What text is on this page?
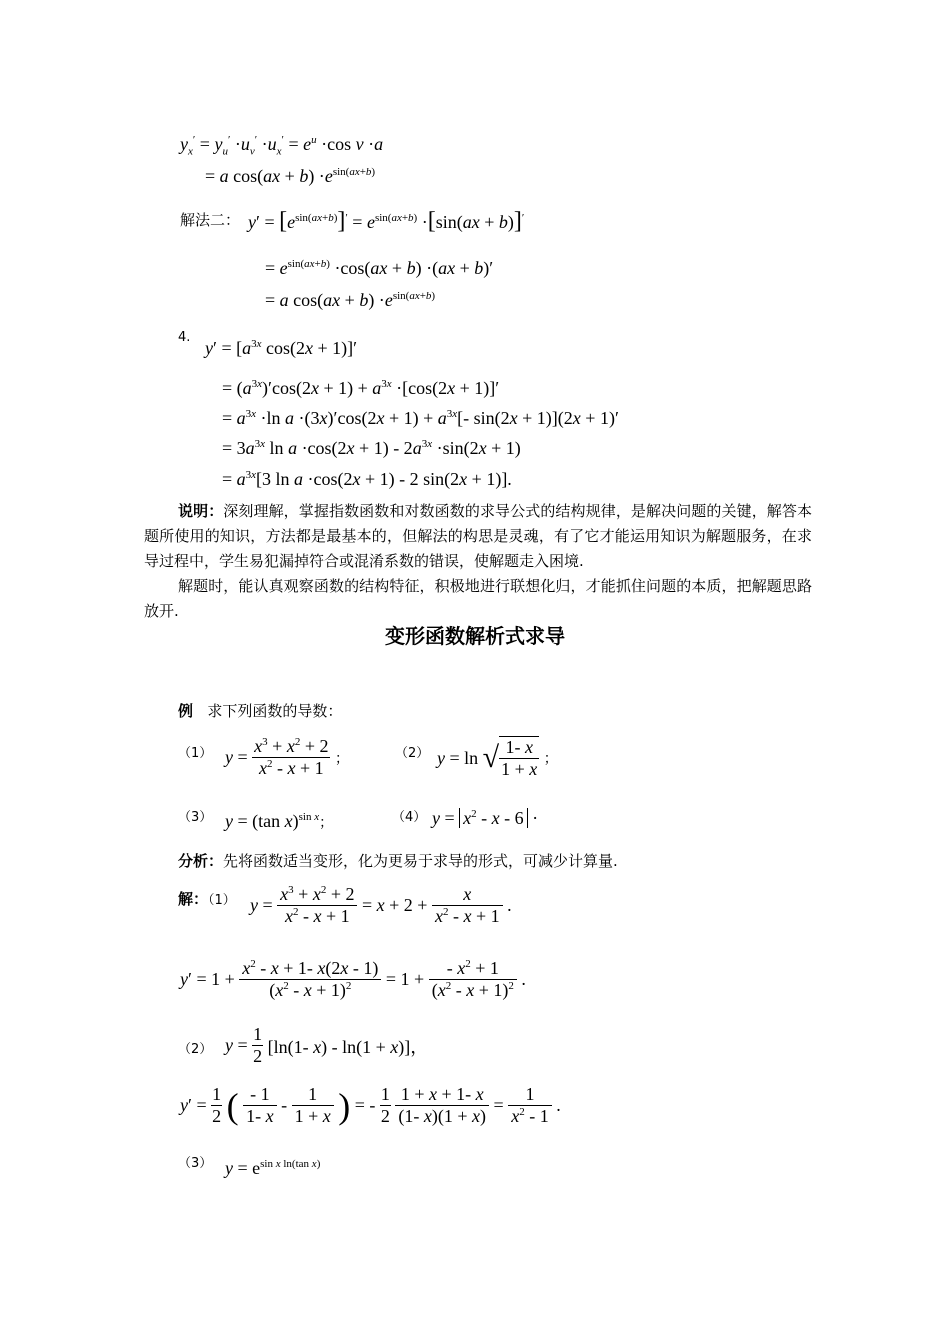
$y_x' = y_u' \cdot u_v' \cdot u_x' = e^u \cdot\cos$ v ·a
= a $\cos(ax + b) \cdot e^{sin(ax+b)}$
解法二： $y' = [e^{sin(ax+b)}]' = e^{sin(ax+b)} \cdot[\sin(ax + b)]'$
= $e^{sin(ax+b)} \cdot\cos(ax + b) \cdot(ax + b)'$
= a $\cos(ax + b) \cdot e^{sin(ax+b)}$
4.
$y' = [a^{3x}$ cos(2x + 1)]′
= $(a^{3x})'\cos(2x + 1) + a^{3x} \cdot[\cos(2x + 1)]'$
= $a^{3x} \cdot\ln$ $a \cdot(3x)'\cos(2x + 1) + a^{3x}[-$ sin(2x + 1)](2x + 1)′
= $3a^{3x}$ $\ln a \cdot\cos(2x + 1) - 2a^{3x} \cdot\sin(2x + 1)$
= $a^{3x}[3$ ln a ·cos(2x + 1) - 2 sin(2x + 1)].
说明：深刻理解，掌握指数函数和对数函数的求导公式的结构规律，是解决问题的关键，解答本题所使用的知识，方法都是最基本的，但解法的构思是灵魂，有了它才能运用知识为解题服务，在求导过程中，学生易犯漏掉符合或混淆系数的错误，使解题走入困境.
解题时，能认真观察函数的结构特征，积极地进行联想化归，才能抓住问题的本质，把解题思路放开.
变形函数解析式求导
例 求下列函数的导数：
（1） $y = \frac{x^3 + x^2 + 2}{x^2 - x + 1}$ ；	（2） y = ln √ $\frac{1- x}{1 + x}$ ；
（3） y = (tan x)$^{sin x}$；	（4） $y = x^2 - x - 6$ ·
分析：先将函数适当变形，化为更易于求导的形式，可减少计算量.
解：（1） $y = \frac{x^3 + x^2 + 2}{x^2 - x + 1} = x + 2 + \frac{x}{x^2 - x + 1}$ .
$y' = 1 + \frac{x^2 - x + 1- x(2x - 1)}{(x^2 - x + 1)^2} = 1 + \frac{- x^2 + 1}{(x^2 - x + 1)^2}$ .
（2） $y = \frac{1}{2} [\ln(1-$ x) - ln(1 + x)]，
$y' = \frac{1}{2}$ ( $\frac{- 1}{1- x} - \frac{1}{1 + x}$ ) = - $\frac{1}{2}$
$\frac{1 + x + 1- x}{(1- x)(1 + x)} = \frac{1}{x^2 - 1}$ .
（3） $y = e^{sin x ln(tan x)}$
